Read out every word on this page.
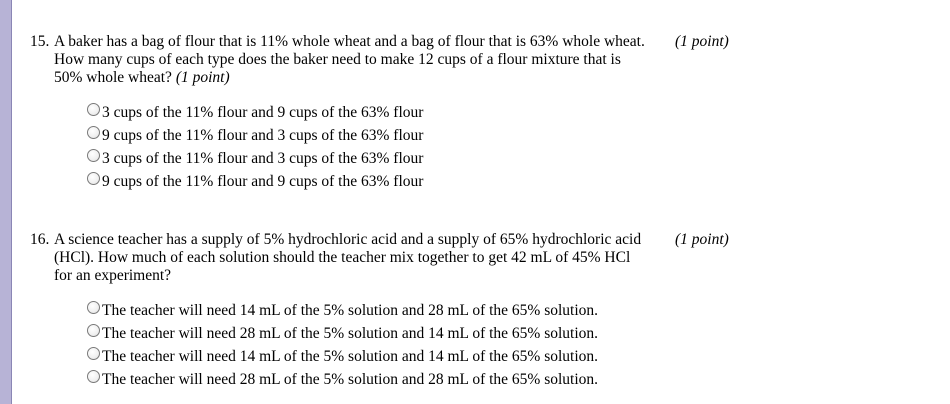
15. A baker has a bag of flour that is 11% whole wheat and a bag of flour that is 63% whole wheat. How many cups of each type does the baker need to make 12 cups of a flour mixture that is 50% whole wheat? (1 point)
(1 point)
3 cups of the 11% flour and 9 cups of the 63% flour
9 cups of the 11% flour and 3 cups of the 63% flour
3 cups of the 11% flour and 3 cups of the 63% flour
9 cups of the 11% flour and 9 cups of the 63% flour
16. A science teacher has a supply of 5% hydrochloric acid and a supply of 65% hydrochloric acid (HCl). How much of each solution should the teacher mix together to get 42 mL of 45% HCl for an experiment?
(1 point)
The teacher will need 14 mL of the 5% solution and 28 mL of the 65% solution.
The teacher will need 28 mL of the 5% solution and 14 mL of the 65% solution.
The teacher will need 14 mL of the 5% solution and 14 mL of the 65% solution.
The teacher will need 28 mL of the 5% solution and 28 mL of the 65% solution.
